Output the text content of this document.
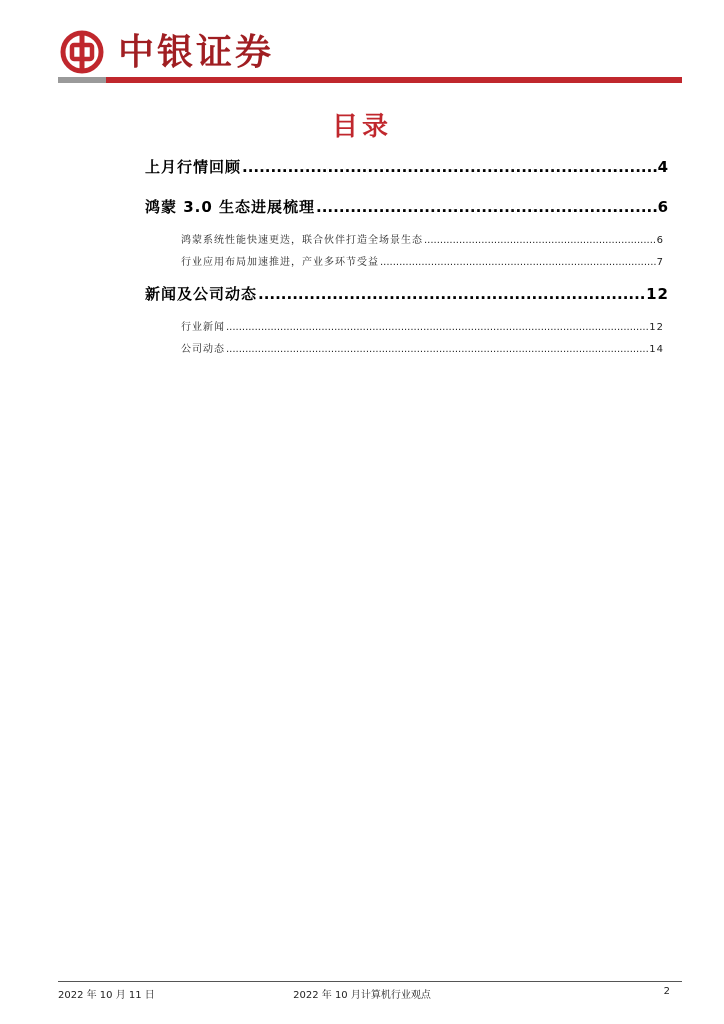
中银证券
目录
上月行情回顾 .....	4
鸿蒙 3.0 生态进展梳理 .....	6
鸿蒙系统性能快速更迭，联合伙伴打造全场景生态 .....	6
行业应用布局加速推进，产业多环节受益 .....	7
新闻及公司动态 .....	12
行业新闻 .....	12
公司动态 .....	14
2022 年 10 月 11 日	2022 年 10 月计算机行业观点	2
